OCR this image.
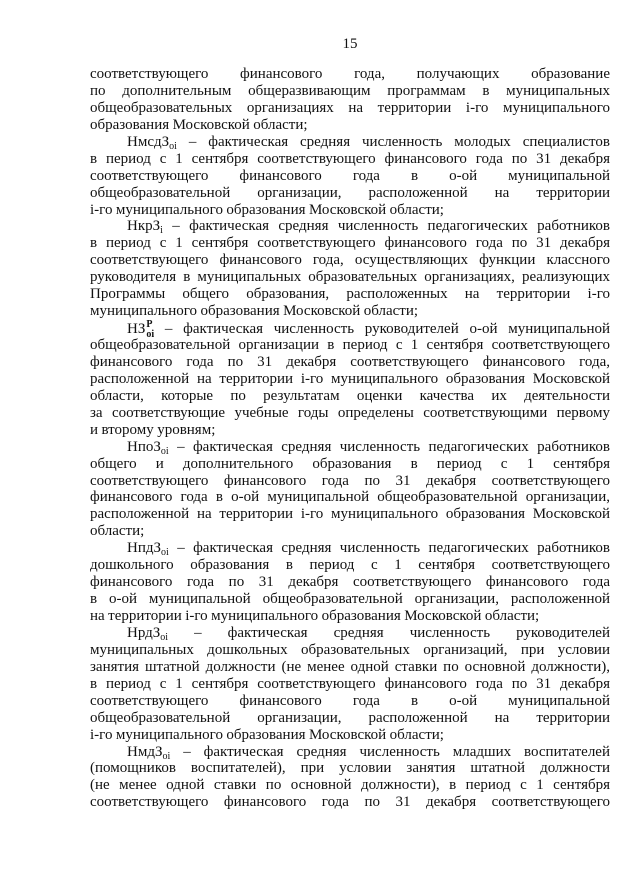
15
соответствующего финансового года, получающих образование
по дополнительным общеразвивающим программам в муниципальных
общеобразовательных организациях на территории i-го муниципального
образования Московской области;
НмсдЗ$_{оi}$ – фактическая средняя численность молодых специалистов
в период с 1 сентября соответствующего финансового года по 31 декабря
соответствующего финансового года в о-ой муниципальной
общеобразовательной организации, расположенной на территории
i-го муниципального образования Московской области;
НкрЗ$_i$ – фактическая средняя численность педагогических работников
в период с 1 сентября соответствующего финансового года по 31 декабря
соответствующего финансового года, осуществляющих функции классного
руководителя в муниципальных образовательных организациях, реализующих
Программы общего образования, расположенных на территории i-го
муниципального образования Московской области;
НЗ Р
оi – фактическая численность руководителей о-ой муниципальной
общеобразовательной организации в период с 1 сентября соответствующего
финансового года по 31 декабря соответствующего финансового года,
расположенной на территории i-го муниципального образования Московской
области, которые по результатам оценки качества их деятельности
за соответствующие учебные годы определены соответствующими первому
и второму уровням;
НпоЗ$_{оi}$ – фактическая средняя численность педагогических работников
общего и дополнительного образования в период с 1 сентября
соответствующего финансового года по 31 декабря соответствующего
финансового года в о-ой муниципальной общеобразовательной организации,
расположенной на территории i-го муниципального образования Московской
области;
НпдЗ$_{оi}$ – фактическая средняя численность педагогических работников
дошкольного образования в период с 1 сентября соответствующего
финансового года по 31 декабря соответствующего финансового года
в о-ой муниципальной общеобразовательной организации, расположенной
на территории i-го муниципального образования Московской области;
НрдЗ$_{оi}$ – фактическая средняя численность руководителей
муниципальных дошкольных образовательных организаций, при условии
занятия штатной должности (не менее одной ставки по основной должности),
в период с 1 сентября соответствующего финансового года по 31 декабря
соответствующего финансового года в о-ой муниципальной
общеобразовательной организации, расположенной на территории
i-го муниципального образования Московской области;
НмдЗ$_{оi}$ – фактическая средняя численность младших воспитателей
(помощников воспитателей), при условии занятия штатной должности
(не менее одной ставки по основной должности), в период с 1 сентября
соответствующего финансового года по 31 декабря соответствующего
